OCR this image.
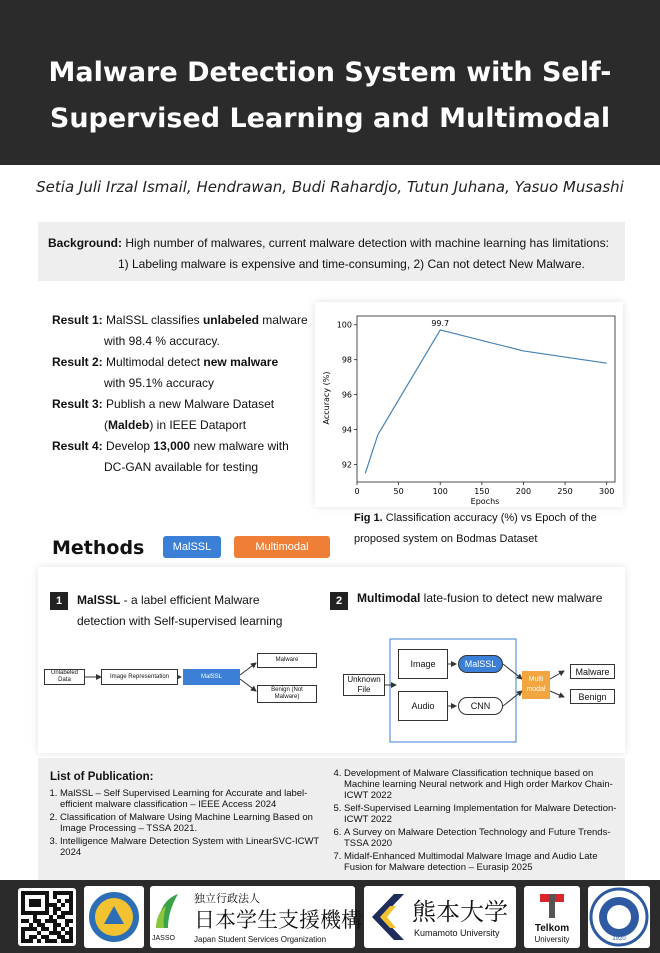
Malware Detection System with Self-Supervised Learning and Multimodal
Setia Juli Irzal Ismail, Hendrawan, Budi Rahardjo, Tutun Juhana, Yasuo Musashi
Background: High number of malwares, current malware detection with machine learning has limitations:
1) Labeling malware is expensive and time-consuming, 2) Can not detect New Malware.
Result 1: MalSSL classifies unlabeled malware
with 98.4 % accuracy.
Result 2: Multimodal detect new malware
with 95.1% accuracy
Result 3: Publish a new Malware Dataset
(Maldeb) in IEEE Dataport
Result 4: Develop 13,000 new malware with
DC-GAN available for testing
0	50	100	150	200	250	300
92
94
96
98
100	99.7
Epochs
Accuracy (%)
Fig 1. Classification accuracy (%) vs Epoch of the proposed system on Bodmas Dataset
Methods	MalSSL	Multimodal
1	MalSSL - a label efficient Malware
detection with Self-supervised learning
Unlabeled Data
Image Representation	MalSSL
Malware
Benign (Not Malware)
2	Multimodal late-fusion to detect new malware
Unknown File
Image
Audio
MalSSL
CNN
Multi modal
Malware
Benign
List of Publication:
1. MalSSL – Self Supervised Learning for Accurate and label-efficient malware classification – IEEE Access 2024
2. Classification of Malware Using Machine Learning Based on Image Processing – TSSA 2021.
3. Intelligence Malware Detection System with LinearSVC-ICWT 2024
4. Development of Malware Classification technique based on Machine learning Neural network and High order Markov Chain- ICWT 2022
5. Self-Supervised Learning Implementation for Malware Detection-ICWT 2022
6. A Survey on Malware Detection Technology and Future Trends-TSSA 2020
7. Midalf-Enhanced Multimodal Malware Image and Audio Late Fusion for Malware detection – Eurasip 2025
独立行政法人
日本学生支援機構
JASSO Japan Student Services Organization
熊本大学
Kumamoto University	Telkom
University	1920
